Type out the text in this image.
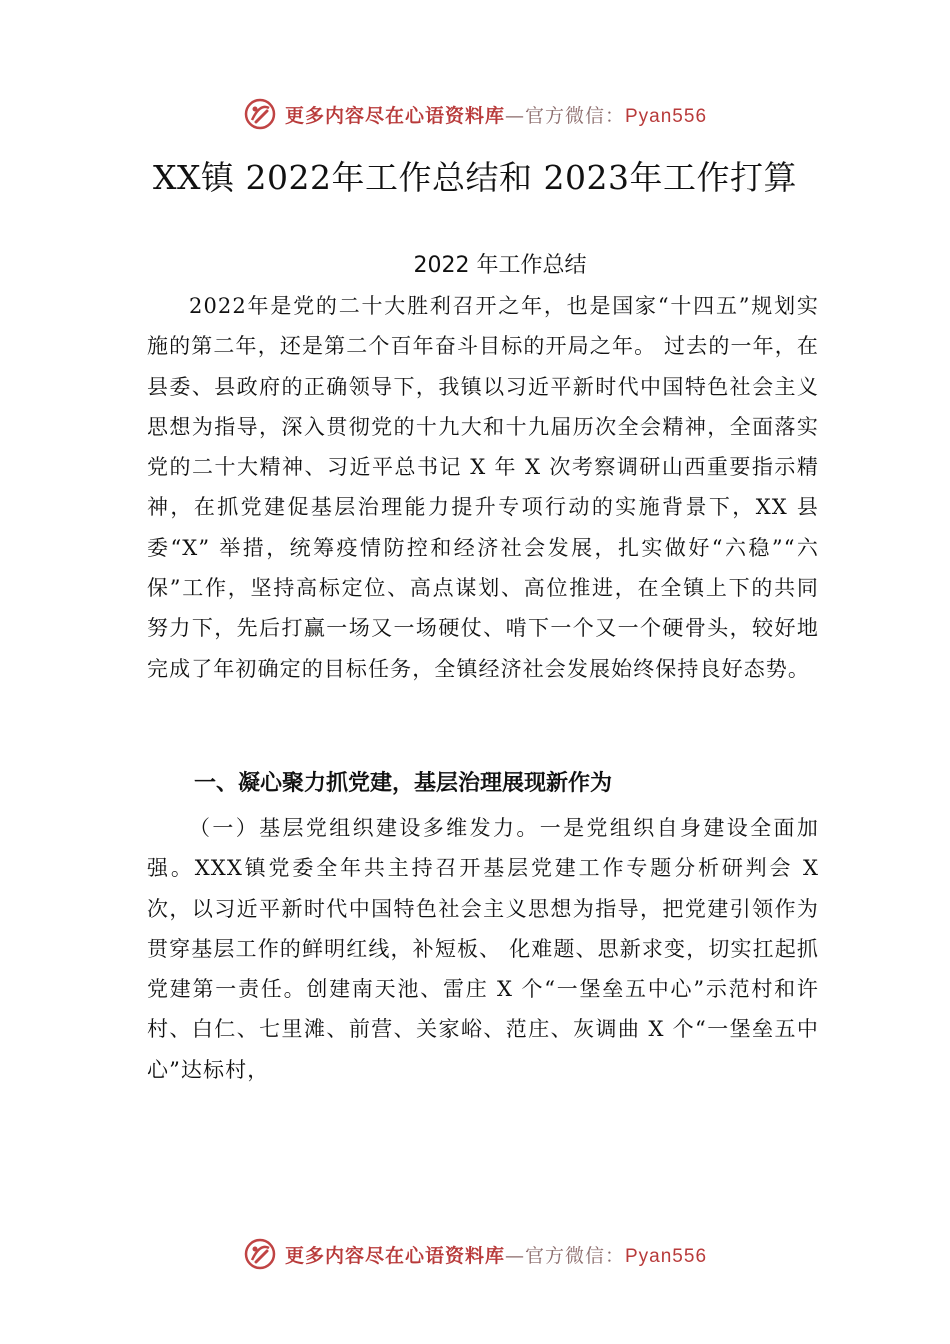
更多内容尽在心语资料库—官方微信：Pyan556
XX镇 2022年工作总结和 2023年工作打算
2022 年工作总结

2022年是党的二十大胜利召开之年，也是国家“十四五”规划实施的第二年，还是第二个百年奋斗目标的开局之年。 过去的一年，在县委、县政府的正确领导下，我镇以习近平新时代中国特色社会主义思想为指导，深入贯彻党的十九大和十九届历次全会精神，全面落实党的二十大精神、习近平总书记 X 年 X 次考察调研山西重要指示精神，在抓党建促基层治理能力提升专项行动的实施背景下，XX 县委“X” 举措，统筹疫情防控和经济社会发展，扎实做好“六稳”“六保”工作，坚持高标定位、高点谋划、高位推进，在全镇上下的共同努力下，先后打赢一场又一场硬仗、啃下一个又一个硬骨头，较好地完成了年初确定的目标任务，全镇经济社会发展始终保持良好态势。

一、凝心聚力抓党建，基层治理展现新作为

（一）基层党组织建设多维发力。一是党组织自身建设全面加强。XXX镇党委全年共主持召开基层党建工作专题分析研判会 X 次，以习近平新时代中国特色社会主义思想为指导，把党建引领作为贯穿基层工作的鲜明红线，补短板、 化难题、思新求变，切实扛起抓党建第一责任。创建南天池、雷庄 X 个“一堡垒五中心”示范村和许村、白仁、七里滩、前营、关家峪、范庄、灰调曲 X 个“一堡垒五中心”达标村，

更多内容尽在心语资料库—官方微信：Pyan556
